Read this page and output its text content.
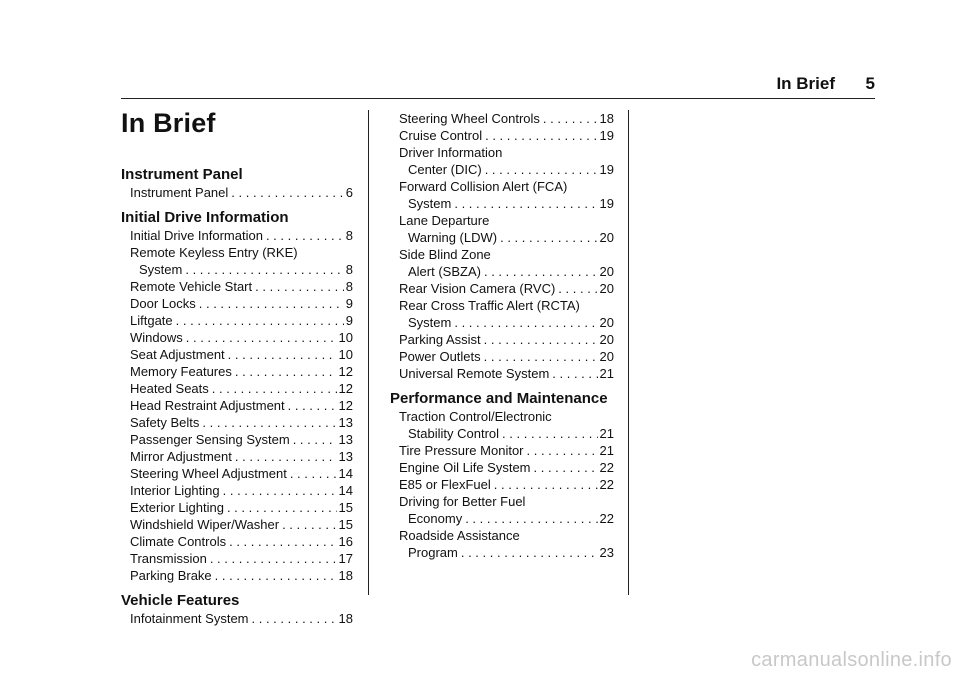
In Brief 5
In Brief
Instrument Panel
Instrument Panel . . .	6
Initial Drive Information
Initial Drive Information . . .	8
Remote Keyless Entry (RKE)
System . . .	8
Remote Vehicle Start . . .	8
Door Locks . . .	9
Liftgate . . .	9
Windows . . .	10
Seat Adjustment . . .	10
Memory Features . . .	12
Heated Seats . . .	12
Head Restraint Adjustment . . .	12
Safety Belts . . .	13
Passenger Sensing System . . .	13
Mirror Adjustment . . .	13
Steering Wheel Adjustment . . .	14
Interior Lighting . . .	14
Exterior Lighting . . .	15
Windshield Wiper/Washer . . .	15
Climate Controls . . .	16
Transmission . . .	17
Parking Brake . . .	18
Vehicle Features
Infotainment System . . .	18
Steering Wheel Controls . . .	18
Cruise Control . . .	19
Driver Information
Center (DIC) . . .	19
Forward Collision Alert (FCA)
System . . .	19
Lane Departure
Warning (LDW) . . .	20
Side Blind Zone
Alert (SBZA) . . .	20
Rear Vision Camera (RVC) . . .	20
Rear Cross Traffic Alert (RCTA)
System . . .	20
Parking Assist . . .	20
Power Outlets . . .	20
Universal Remote System . . .	21
Performance and Maintenance
Traction Control/Electronic
Stability Control . . .	21
Tire Pressure Monitor . . .	21
Engine Oil Life System . . .	22
E85 or FlexFuel . . .	22
Driving for Better Fuel
Economy . . .	22
Roadside Assistance
Program . . .	23
carmanualsonline.info
